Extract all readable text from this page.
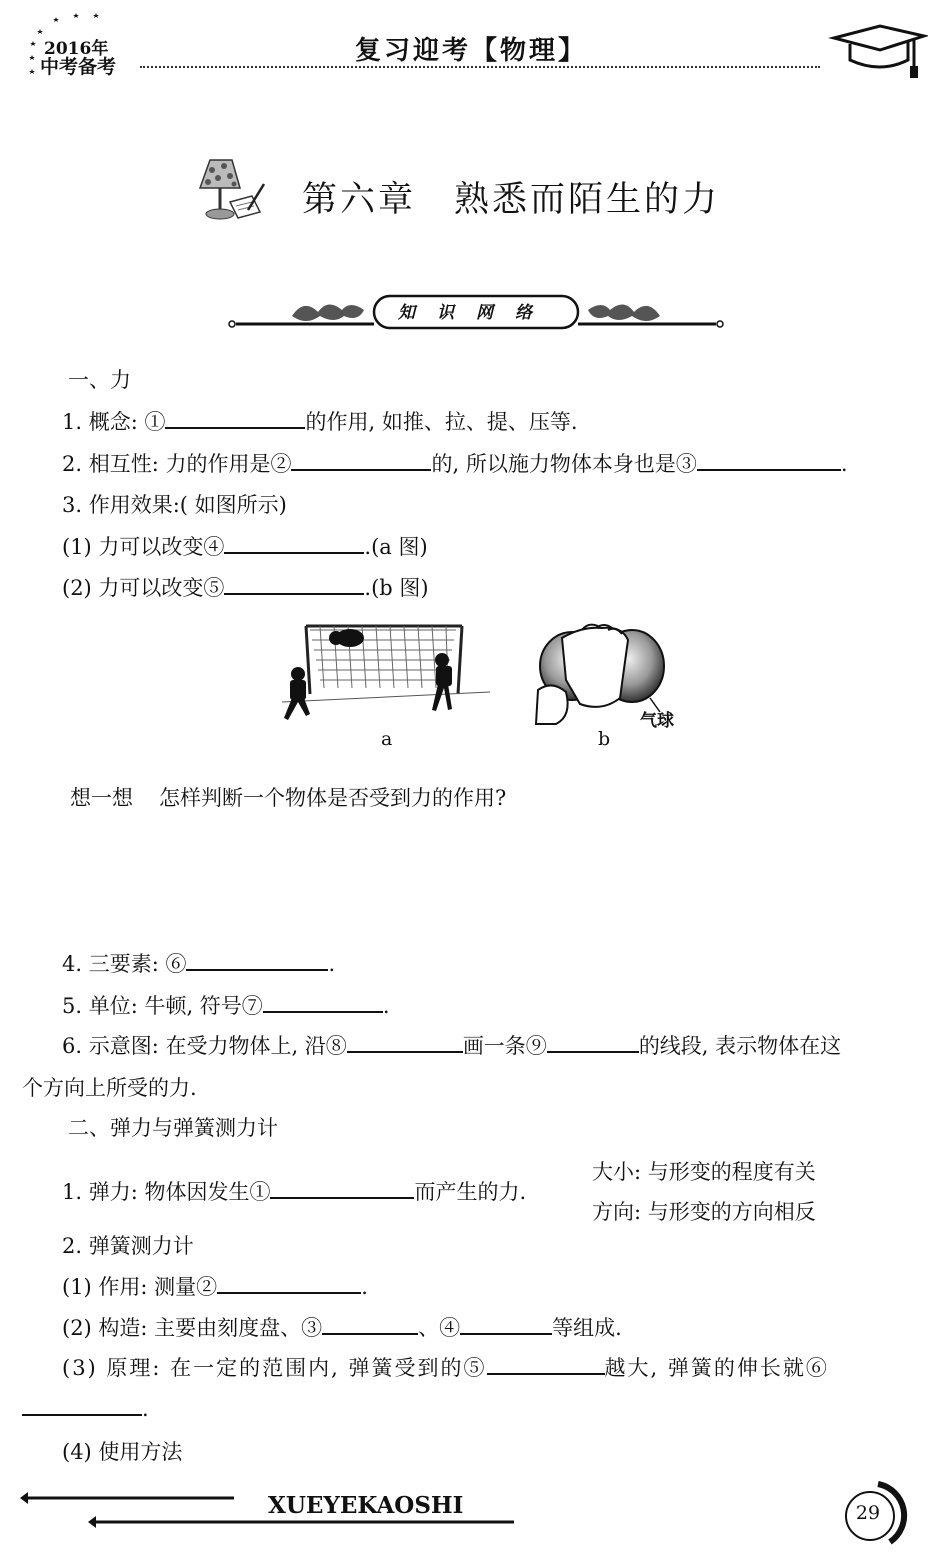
2016年
中考备考
复习迎考【物理】
第六章　熟悉而陌生的力
知识网络
一、力
1. 概念: ①	的作用, 如推、拉、提、压等.
2. 相互性: 力的作用是②	的, 所以施力物体本身也是③	.
3. 作用效果:( 如图所示)
(1) 力可以改变④	.(a 图)
(2) 力可以改变⑤	.(b 图)
气球
a	b
想一想 怎样判断一个物体是否受到力的作用?
4. 三要素: ⑥	.
5. 单位: 牛顿, 符号⑦	.
6. 示意图: 在受力物体上, 沿⑧	画一条⑨	的线段, 表示物体在这
个方向上所受的力.
二、弹力与弹簧测力计
1. 弹力: 物体因发生①	而产生的力.
大小: 与形变的程度有关
方向: 与形变的方向相反
2. 弹簧测力计
(1) 作用: 测量②	.
(2) 构造: 主要由刻度盘、③	、④	等组成.
(3) 原理: 在一定的范围内, 弹簧受到的⑤	越大, 弹簧的伸长就⑥
.
(4) 使用方法
XUEYEKAOSHI	29
